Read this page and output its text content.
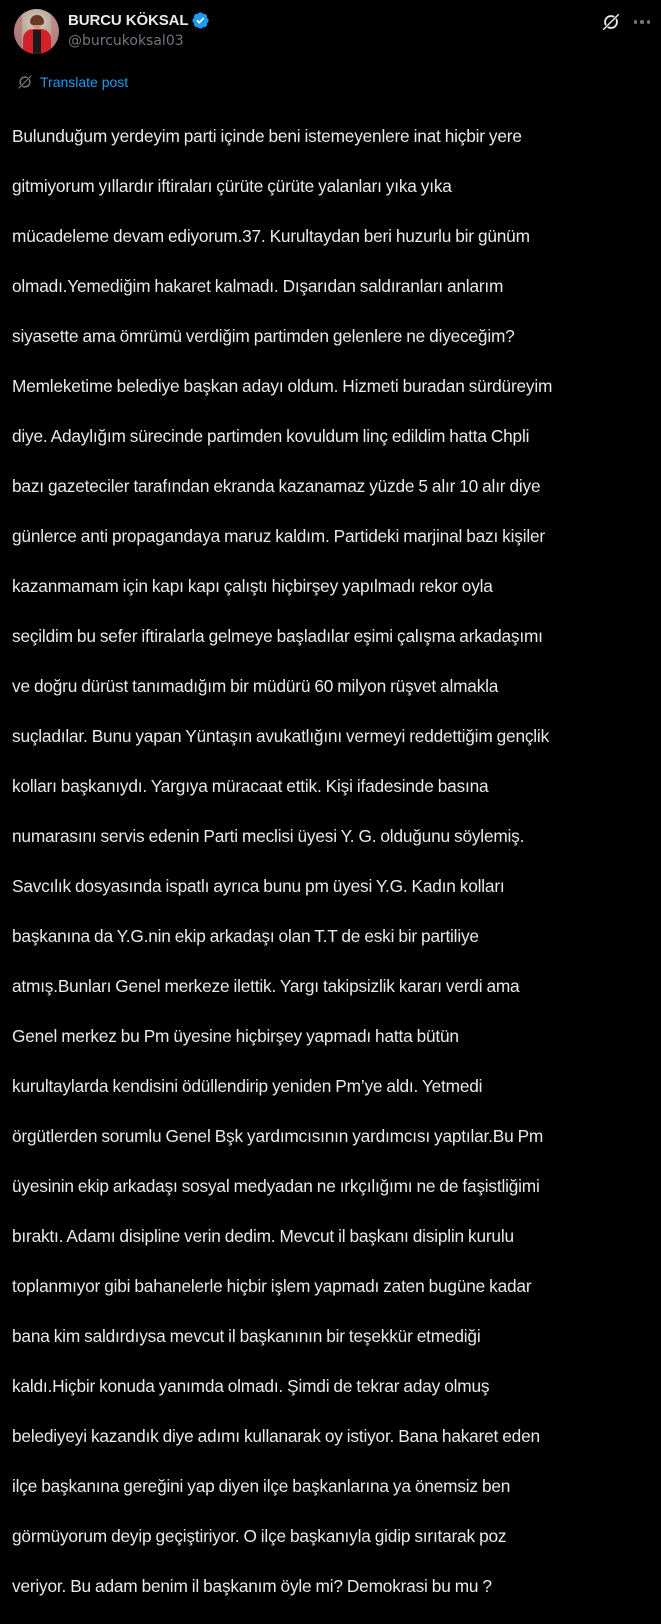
BURCU KÖKSAL
@burcukoksal03
Translate post

Bulunduğum yerdeyim parti içinde beni istemeyenlere inat hiçbir yere

gitmiyorum yıllardır iftiraları çürüte çürüte yalanları yıka yıka

mücadeleme devam ediyorum.37. Kurultaydan beri huzurlu bir günüm

olmadı.Yemediğim hakaret kalmadı. Dışarıdan saldıranları anlarım

siyasette ama ömrümü verdiğim partimden gelenlere ne diyeceğim?

Memleketime belediye başkan adayı oldum. Hizmeti buradan sürdüreyim

diye. Adaylığım sürecinde partimden kovuldum linç edildim hatta Chpli

bazı gazeteciler tarafından ekranda kazanamaz yüzde 5 alır 10 alır diye

günlerce anti propagandaya maruz kaldım. Partideki marjinal bazı kişiler

kazanmamam için kapı kapı çalıştı hiçbirşey yapılmadı rekor oyla

seçildim bu sefer iftiralarla gelmeye başladılar eşimi çalışma arkadaşımı

ve doğru dürüst tanımadığım bir müdürü 60 milyon rüşvet almakla

suçladılar. Bunu yapan Yüntaşın avukatlığını vermeyi reddettiğim gençlik

kolları başkanıydı. Yargıya müracaat ettik. Kişi ifadesinde basına

numarasını servis edenin Parti meclisi üyesi Y. G. olduğunu söylemiş.

Savcılık dosyasında ispatlı ayrıca bunu pm üyesi Y.G. Kadın kolları

başkanına da Y.G.nin ekip arkadaşı olan T.T de eski bir partiliye

atmış.Bunları Genel merkeze ilettik. Yargı takipsizlik kararı verdi ama

Genel merkez bu Pm üyesine hiçbirşey yapmadı hatta bütün

kurultaylarda kendisini ödüllendirip yeniden Pm’ye aldı. Yetmedi

örgütlerden sorumlu Genel Bşk yardımcısının yardımcısı yaptılar.Bu Pm

üyesinin ekip arkadaşı sosyal medyadan ne ırkçılığımı ne de faşistliğimi

bıraktı. Adamı disipline verin dedim. Mevcut il başkanı disiplin kurulu

toplanmıyor gibi bahanelerle hiçbir işlem yapmadı zaten bugüne kadar

bana kim saldırdıysa mevcut il başkanının bir teşekkür etmediği

kaldı.Hiçbir konuda yanımda olmadı. Şimdi de tekrar aday olmuş

belediyeyi kazandık diye adımı kullanarak oy istiyor. Bana hakaret eden

ilçe başkanına gereğini yap diyen ilçe başkanlarına ya önemsiz ben

görmüyorum deyip geçiştiriyor. O ilçe başkanıyla gidip sırıtarak poz

veriyor. Bu adam benim il başkanım öyle mi? Demokrasi bu mu ?
